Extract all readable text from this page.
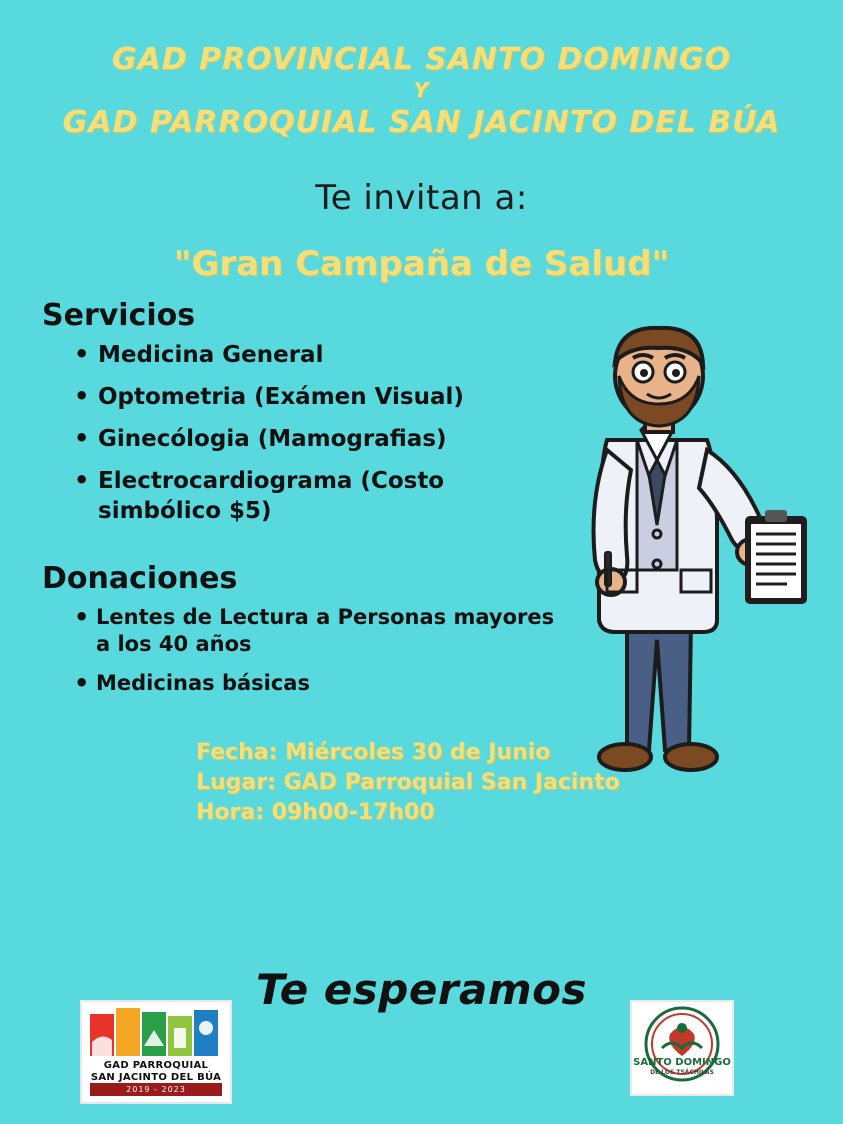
GAD PROVINCIAL SANTO DOMINGO
Y
GAD PARROQUIAL SAN JACINTO DEL BÚA
Te invitan a:
"Gran Campaña de Salud"
Servicios
• Medicina General
• Optometria (Exámen Visual)
• Ginecólogia (Mamografias)
• Electrocardiograma (Costo simbólico $5)
Donaciones
• Lentes de Lectura a Personas mayores a los 40 años
• Medicinas básicas
Fecha: Miércoles 30 de Junio
Lugar: GAD Parroquial San Jacinto
Hora: 09h00-17h00
Te esperamos
GAD PARROQUIAL
SAN JACINTO DEL BÚA
2019 - 2023
SANTO DOMINGO
DE LOS TSÁCHILAS
